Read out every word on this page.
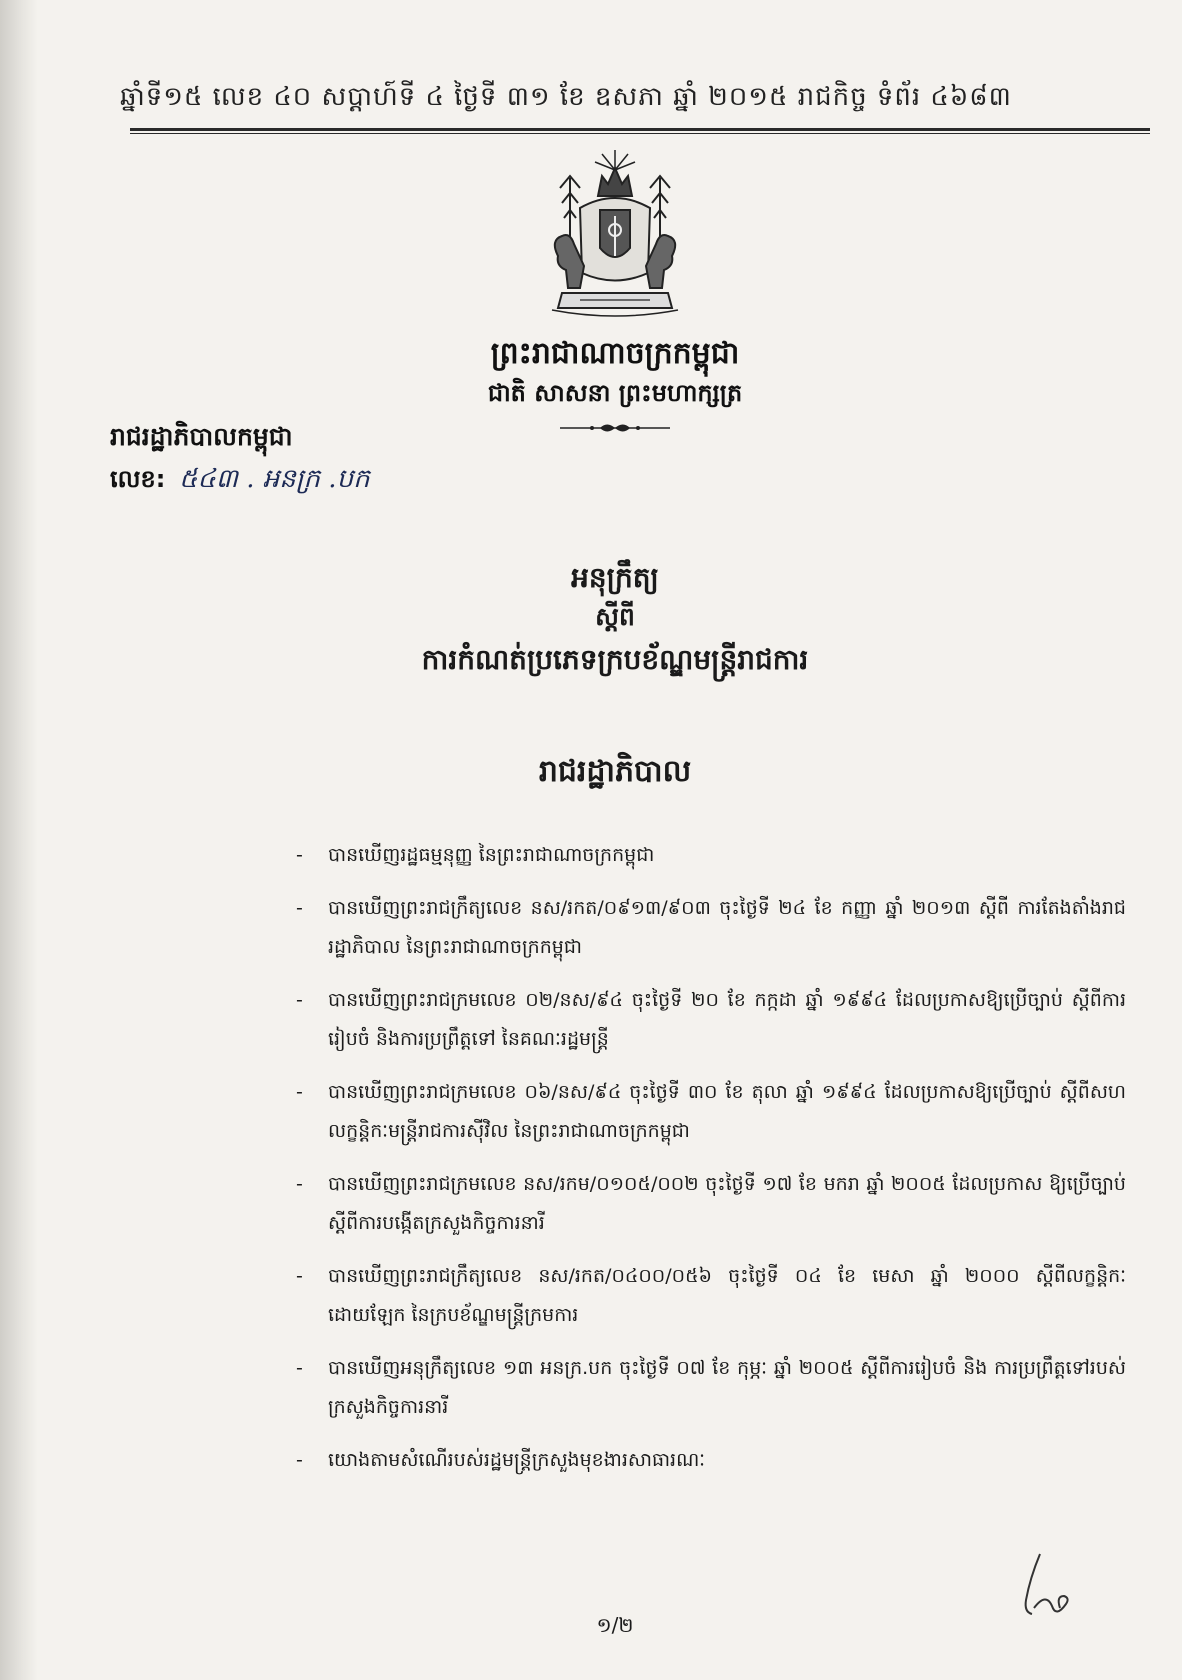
ឆ្នាំទី១៥ លេខ ៤០ សប្តាហ៍ទី ៤ ថ្ងៃទី ៣១ ខែ ឧសភា ឆ្នាំ ២០១៥ រាជកិច្ច ទំព័រ ៤៦៨៣
ព្រះរាជាណាចក្រកម្ពុជា
ជាតិ សាសនា ព្រះមហាក្សត្រ
រាជរដ្ឋាភិបាលកម្ពុជា
លេខ: ៥៤៣ . អនក្រ .បក
អនុក្រឹត្យ
ស្តីពី
ការកំណត់ប្រភេទក្របខ័ណ្ឌមន្ត្រីរាជការ
រាជរដ្ឋាភិបាល
- បានឃើញរដ្ឋធម្មនុញ្ញ នៃព្រះរាជាណាចក្រកម្ពុជា
- បានឃើញព្រះរាជក្រឹត្យលេខ នស/រកត/០៩១៣/៩០៣ ចុះថ្ងៃទី ២៤ ខែ កញ្ញា ឆ្នាំ ២០១៣ ស្តីពី ការតែងតាំងរាជរដ្ឋាភិបាល នៃព្រះរាជាណាចក្រកម្ពុជា
- បានឃើញព្រះរាជក្រមលេខ ០២/នស/៩៤ ចុះថ្ងៃទី ២០ ខែ កក្កដា ឆ្នាំ ១៩៩៤ ដែលប្រកាសឱ្យប្រើច្បាប់ ស្តីពីការរៀបចំ និងការប្រព្រឹត្តទៅ នៃគណៈរដ្ឋមន្ត្រី
- បានឃើញព្រះរាជក្រមលេខ ០៦/នស/៩៤ ចុះថ្ងៃទី ៣០ ខែ តុលា ឆ្នាំ ១៩៩៤ ដែលប្រកាសឱ្យប្រើច្បាប់ ស្តីពីសហលក្ខន្តិកៈមន្ត្រីរាជការស៊ីវិល នៃព្រះរាជាណាចក្រកម្ពុជា
- បានឃើញព្រះរាជក្រមលេខ នស/រកម/០១០៥/០០២ ចុះថ្ងៃទី ១៧ ខែ មករា ឆ្នាំ ២០០៥ ដែលប្រកាស ឱ្យប្រើច្បាប់ស្តីពីការបង្កើតក្រសួងកិច្ចការនារី
- បានឃើញព្រះរាជក្រឹត្យលេខ នស/រកត/០៤០០/០៥៦ ចុះថ្ងៃទី ០៤ ខែ មេសា ឆ្នាំ ២០០០ ស្តីពីលក្ខន្តិកៈ ដោយឡែក នៃក្របខ័ណ្ឌមន្ត្រីក្រមការ
- បានឃើញអនុក្រឹត្យលេខ ១៣ អនក្រ.បក ចុះថ្ងៃទី ០៧ ខែ កុម្ភៈ ឆ្នាំ ២០០៥ ស្តីពីការរៀបចំ និង ការប្រព្រឹត្តទៅរបស់ក្រសួងកិច្ចការនារី
- យោងតាមសំណើរបស់រដ្ឋមន្ត្រីក្រសួងមុខងារសាធារណៈ
១/២
